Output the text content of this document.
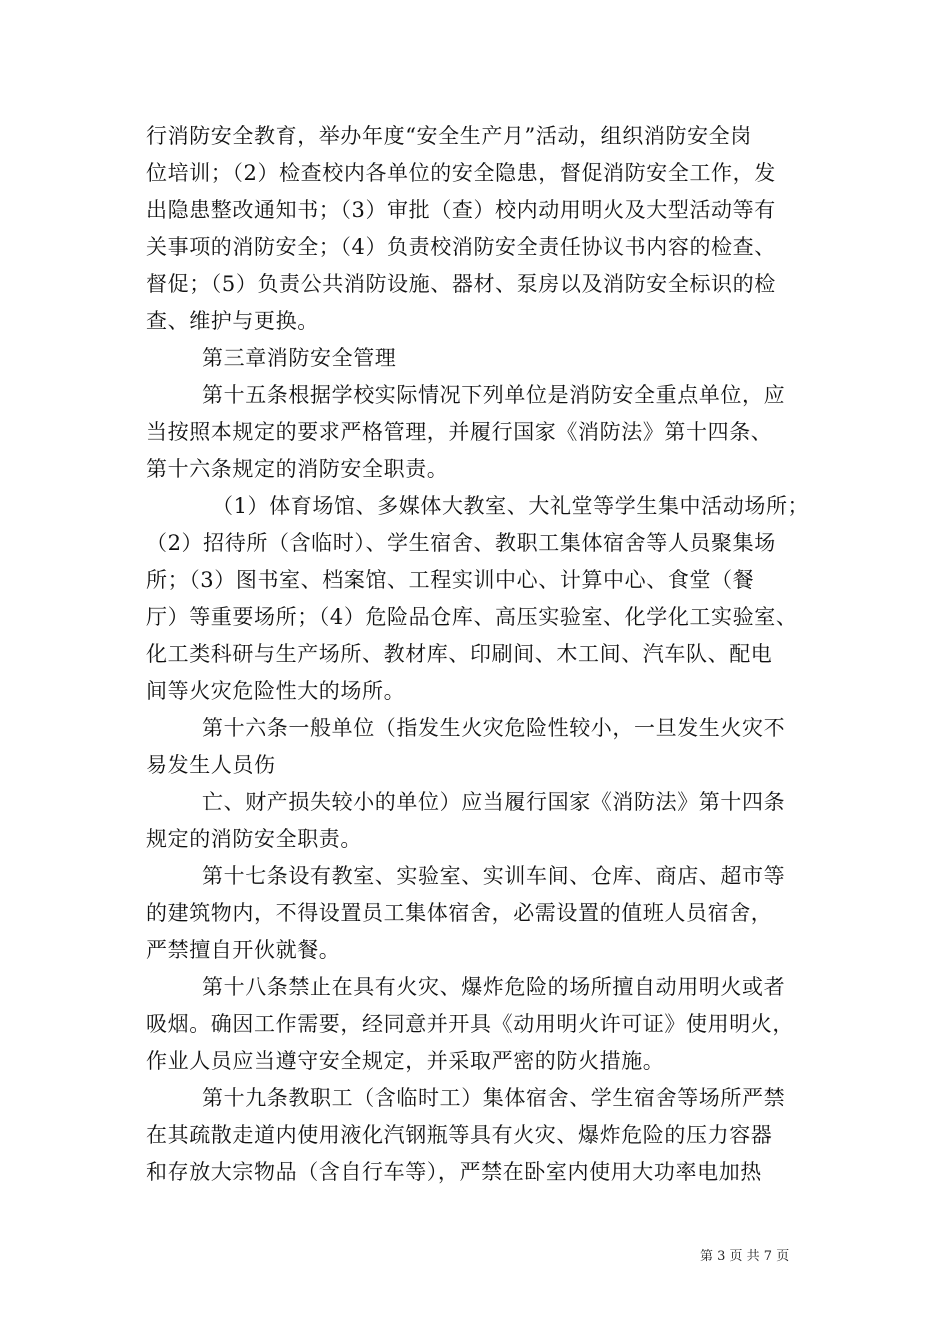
行消防安全教育，举办年度“安全生产月”活动，组织消防安全岗
位培训；（2）检查校内各单位的安全隐患，督促消防安全工作，发
出隐患整改通知书；（3）审批（查）校内动用明火及大型活动等有
关事项的消防安全；（4）负责校消防安全责任协议书内容的检查、
督促；（5）负责公共消防设施、器材、泵房以及消防安全标识的检
查、维护与更换。
第三章消防安全管理
第十五条根据学校实际情况下列单位是消防安全重点单位，应
当按照本规定的要求严格管理，并履行国家《消防法》第十四条、
第十六条规定的消防安全职责。
（1）体育场馆、多媒体大教室、大礼堂等学生集中活动场所；
（2）招待所（含临时）、学生宿舍、教职工集体宿舍等人员聚集场
所；（3）图书室、档案馆、工程实训中心、计算中心、食堂（餐
厅）等重要场所；（4）危险品仓库、高压实验室、化学化工实验室、
化工类科研与生产场所、教材库、印刷间、木工间、汽车队、配电
间等火灾危险性大的场所。
第十六条一般单位（指发生火灾危险性较小，一旦发生火灾不
易发生人员伤
亡、财产损失较小的单位）应当履行国家《消防法》第十四条
规定的消防安全职责。
第十七条设有教室、实验室、实训车间、仓库、商店、超市等
的建筑物内，不得设置员工集体宿舍，必需设置的值班人员宿舍，
严禁擅自开伙就餐。
第十八条禁止在具有火灾、爆炸危险的场所擅自动用明火或者
吸烟。确因工作需要，经同意并开具《动用明火许可证》使用明火，
作业人员应当遵守安全规定，并采取严密的防火措施。
第十九条教职工（含临时工）集体宿舍、学生宿舍等场所严禁
在其疏散走道内使用液化汽钢瓶等具有火灾、爆炸危险的压力容器
和存放大宗物品（含自行车等），严禁在卧室内使用大功率电加热
第 3 页 共 7 页
